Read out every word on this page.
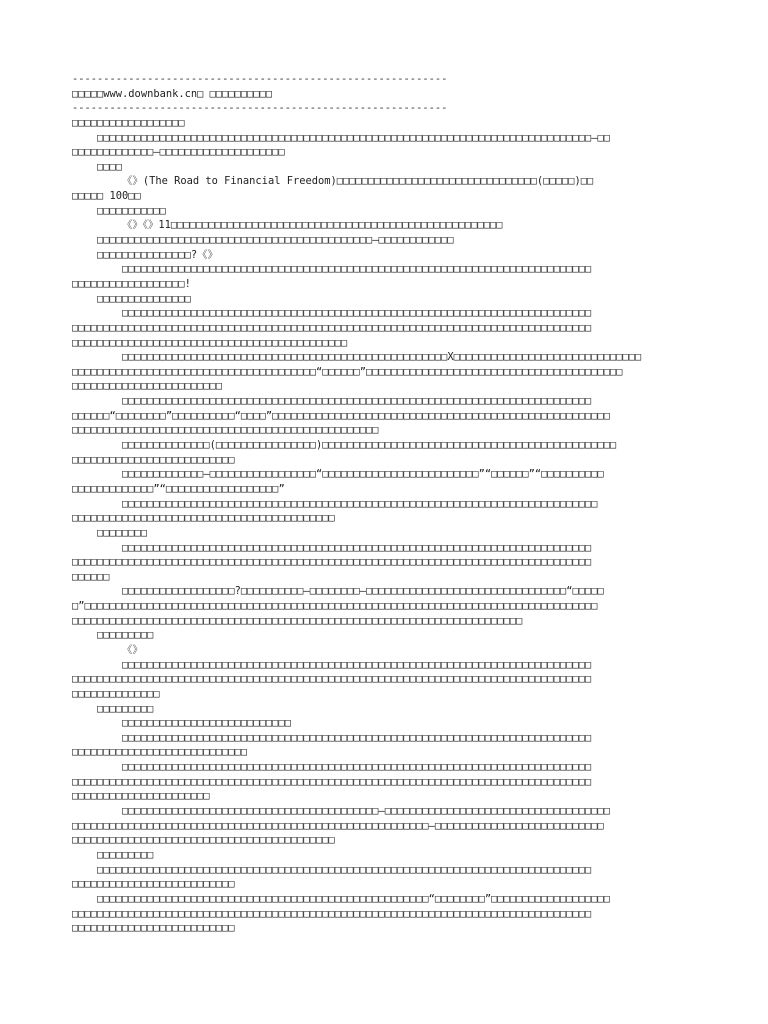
------------------------------------------------------------
□□□□□www.downbank.cn□ □□□□□□□□□□
------------------------------------------------------------
□□□□□□□□□□□□□□□□□□
□□□□□□□□□□□□□□□□□□□□□□□□□□□□□□□□□□□□□□□□□□□□□□□□□□□□□□□□□□□□□□□□□□□□□□□□□□□□□□□—□□
□□□□□□□□□□□□□—□□□□□□□□□□□□□□□□□□□□
□□□□
《》(The Road to Financial Freedom)□□□□□□□□□□□□□□□□□□□□□□□□□□□□□□□□(□□□□□)□□
□□□□□ 100□□
□□□□□□□□□□□
《》《》11□□□□□□□□□□□□□□□□□□□□□□□□□□□□□□□□□□□□□□□□□□□□□□□□□□□□□
□□□□□□□□□□□□□□□□□□□□□□□□□□□□□□□□□□□□□□□□□□□□—□□□□□□□□□□□□
□□□□□□□□□□□□□□□?《》
□□□□□□□□□□□□□□□□□□□□□□□□□□□□□□□□□□□□□□□□□□□□□□□□□□□□□□□□□□□□□□□□□□□□□□□□□□□
□□□□□□□□□□□□□□□□□□!
□□□□□□□□□□□□□□□
□□□□□□□□□□□□□□□□□□□□□□□□□□□□□□□□□□□□□□□□□□□□□□□□□□□□□□□□□□□□□□□□□□□□□□□□□□□
□□□□□□□□□□□□□□□□□□□□□□□□□□□□□□□□□□□□□□□□□□□□□□□□□□□□□□□□□□□□□□□□□□□□□□□□□□□□□□□□□□□
□□□□□□□□□□□□□□□□□□□□□□□□□□□□□□□□□□□□□□□□□□□□
□□□□□□□□□□□□□□□□□□□□□□□□□□□□□□□□□□□□□□□□□□□□□□□□□□□□X□□□□□□□□□□□□□□□□□□□□□□□□□□□□□□
□□□□□□□□□□□□□□□□□□□□□□□□□□□□□□□□□□□□□□□“□□□□□□”□□□□□□□□□□□□□□□□□□□□□□□□□□□□□□□□□□□□□□□□□
□□□□□□□□□□□□□□□□□□□□□□□□
□□□□□□□□□□□□□□□□□□□□□□□□□□□□□□□□□□□□□□□□□□□□□□□□□□□□□□□□□□□□□□□□□□□□□□□□□□□
□□□□□□“□□□□□□□□”□□□□□□□□□□“□□□□”□□□□□□□□□□□□□□□□□□□□□□□□□□□□□□□□□□□□□□□□□□□□□□□□□□□□□□
□□□□□□□□□□□□□□□□□□□□□□□□□□□□□□□□□□□□□□□□□□□□□□□□□
□□□□□□□□□□□□□□(□□□□□□□□□□□□□□□□)□□□□□□□□□□□□□□□□□□□□□□□□□□□□□□□□□□□□□□□□□□□□□□□
□□□□□□□□□□□□□□□□□□□□□□□□□□
□□□□□□□□□□□□□—□□□□□□□□□□□□□□□□□“□□□□□□□□□□□□□□□□□□□□□□□□□”“□□□□□□”“□□□□□□□□□□
□□□□□□□□□□□□□”“□□□□□□□□□□□□□□□□□□”
□□□□□□□□□□□□□□□□□□□□□□□□□□□□□□□□□□□□□□□□□□□□□□□□□□□□□□□□□□□□□□□□□□□□□□□□□□□□
□□□□□□□□□□□□□□□□□□□□□□□□□□□□□□□□□□□□□□□□□□
□□□□□□□□
□□□□□□□□□□□□□□□□□□□□□□□□□□□□□□□□□□□□□□□□□□□□□□□□□□□□□□□□□□□□□□□□□□□□□□□□□□□
□□□□□□□□□□□□□□□□□□□□□□□□□□□□□□□□□□□□□□□□□□□□□□□□□□□□□□□□□□□□□□□□□□□□□□□□□□□□□□□□□□□
□□□□□□
□□□□□□□□□□□□□□□□□□?□□□□□□□□□□—□□□□□□□□—□□□□□□□□□□□□□□□□□□□□□□□□□□□□□□□□“□□□□□
□”□□□□□□□□□□□□□□□□□□□□□□□□□□□□□□□□□□□□□□□□□□□□□□□□□□□□□□□□□□□□□□□□□□□□□□□□□□□□□□□□□□
□□□□□□□□□□□□□□□□□□□□□□□□□□□□□□□□□□□□□□□□□□□□□□□□□□□□□□□□□□□□□□□□□□□□□□□□
□□□□□□□□□
《》
□□□□□□□□□□□□□□□□□□□□□□□□□□□□□□□□□□□□□□□□□□□□□□□□□□□□□□□□□□□□□□□□□□□□□□□□□□□
□□□□□□□□□□□□□□□□□□□□□□□□□□□□□□□□□□□□□□□□□□□□□□□□□□□□□□□□□□□□□□□□□□□□□□□□□□□□□□□□□□□
□□□□□□□□□□□□□□
□□□□□□□□□
□□□□□□□□□□□□□□□□□□□□□□□□□□□
□□□□□□□□□□□□□□□□□□□□□□□□□□□□□□□□□□□□□□□□□□□□□□□□□□□□□□□□□□□□□□□□□□□□□□□□□□□
□□□□□□□□□□□□□□□□□□□□□□□□□□□□
□□□□□□□□□□□□□□□□□□□□□□□□□□□□□□□□□□□□□□□□□□□□□□□□□□□□□□□□□□□□□□□□□□□□□□□□□□□
□□□□□□□□□□□□□□□□□□□□□□□□□□□□□□□□□□□□□□□□□□□□□□□□□□□□□□□□□□□□□□□□□□□□□□□□□□□□□□□□□□□
□□□□□□□□□□□□□□□□□□□□□□
□□□□□□□□□□□□□□□□□□□□□□□□□□□□□□□□□□□□□□□□□—□□□□□□□□□□□□□□□□□□□□□□□□□□□□□□□□□□□□
□□□□□□□□□□□□□□□□□□□□□□□□□□□□□□□□□□□□□□□□□□□□□□□□□□□□□□□□□—□□□□□□□□□□□□□□□□□□□□□□□□□□□
□□□□□□□□□□□□□□□□□□□□□□□□□□□□□□□□□□□□□□□□□□
□□□□□□□□□
□□□□□□□□□□□□□□□□□□□□□□□□□□□□□□□□□□□□□□□□□□□□□□□□□□□□□□□□□□□□□□□□□□□□□□□□□□□□□□□
□□□□□□□□□□□□□□□□□□□□□□□□□□
□□□□□□□□□□□□□□□□□□□□□□□□□□□□□□□□□□□□□□□□□□□□□□□□□□□□□“□□□□□□□□”□□□□□□□□□□□□□□□□□□□
□□□□□□□□□□□□□□□□□□□□□□□□□□□□□□□□□□□□□□□□□□□□□□□□□□□□□□□□□□□□□□□□□□□□□□□□□□□□□□□□□□□
□□□□□□□□□□□□□□□□□□□□□□□□□□
